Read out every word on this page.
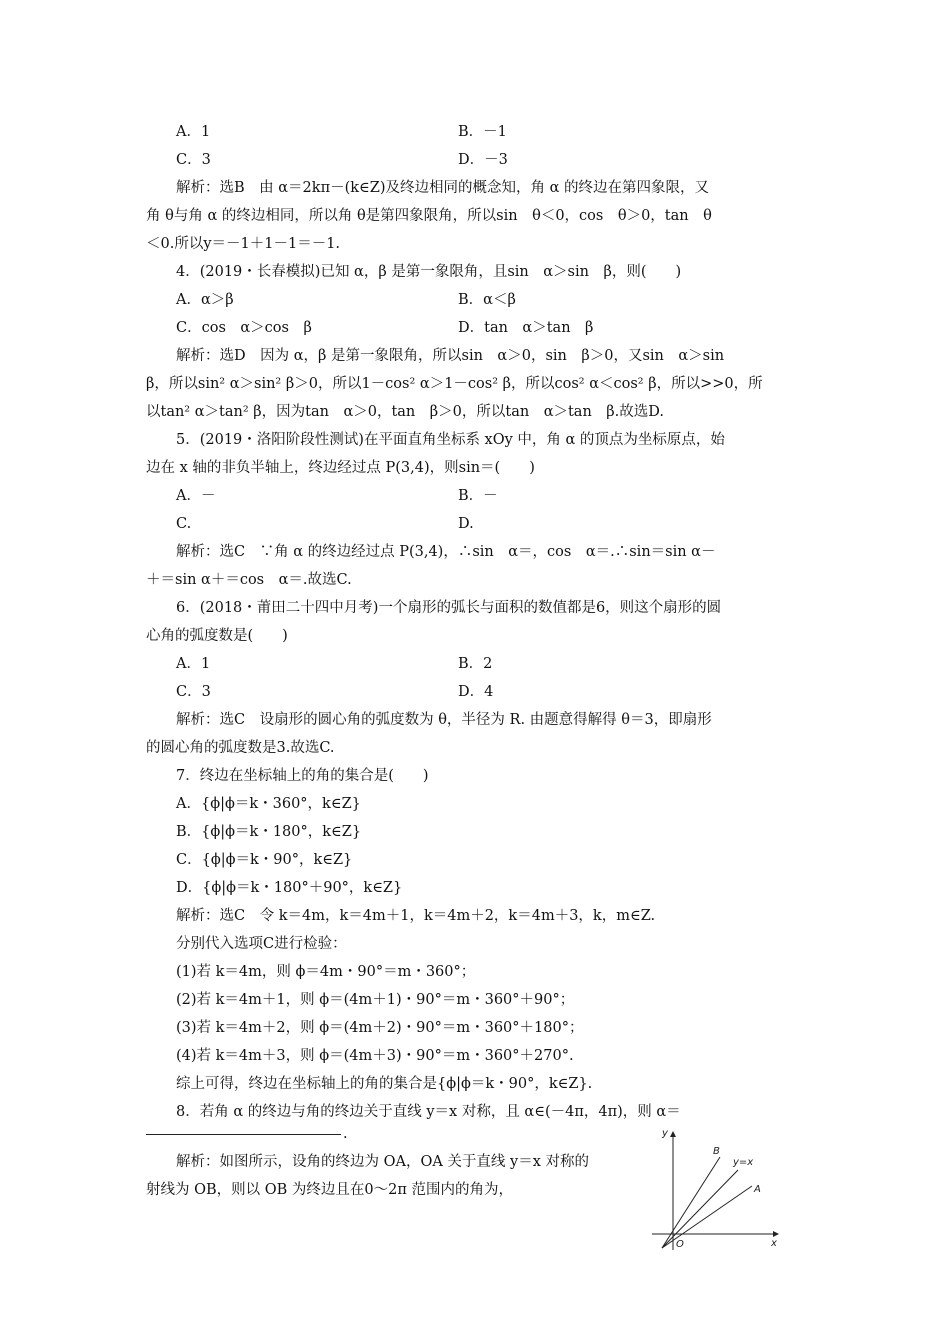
A．1	B．－1
C．3	D．－3
解析：选B　由 α＝2kπ－(k∈Z)及终边相同的概念知，角 α 的终边在第四象限，又
角 θ与角 α 的终边相同，所以角 θ是第四象限角，所以sin　θ＜0，cos　θ＞0，tan　θ
＜0.所以y＝－1＋1－1＝－1.
4．(2019・长春模拟)已知 α，β 是第一象限角，且sin　α＞sin　β，则(　　)
A．α＞β	B．α＜β
C．cos　α＞cos　β	D．tan　α＞tan　β
解析：选D　因为 α，β 是第一象限角，所以sin　α＞0，sin　β＞0，又sin　α＞sin
β，所以sin² α＞sin² β＞0，所以1－cos² α＞1－cos² β，所以cos² α＜cos² β，所以>>0，所
以tan² α＞tan² β，因为tan　α＞0，tan　β＞0，所以tan　α＞tan　β.故选D.
5．(2019・洛阳阶段性测试)在平面直角坐标系 xOy 中，角 α 的顶点为坐标原点，始
边在 x 轴的非负半轴上，终边经过点 P(3,4)，则sin＝(　　)
A．－	B．－
C.	D.
解析：选C　∵角 α 的终边经过点 P(3,4)，∴sin　α＝，cos　α＝.∴sin＝sin α－
＋＝sin α＋＝cos　α＝.故选C.
6．(2018・莆田二十四中月考)一个扇形的弧长与面积的数值都是6，则这个扇形的圆
心角的弧度数是(　　)
A．1	B．2
C．3	D．4
解析：选C　设扇形的圆心角的弧度数为 θ，半径为 R. 由题意得解得 θ＝3，即扇形
的圆心角的弧度数是3.故选C.
7．终边在坐标轴上的角的集合是(　　)
A．{ϕ|ϕ＝k・360°，k∈Z}
B．{ϕ|ϕ＝k・180°，k∈Z}
C．{ϕ|ϕ＝k・90°，k∈Z}
D．{ϕ|ϕ＝k・180°＋90°，k∈Z}
解析：选C　令 k＝4m，k＝4m＋1，k＝4m＋2，k＝4m＋3，k，m∈Z.
分别代入选项C进行检验：
(1)若 k＝4m，则 ϕ＝4m・90°＝m・360°；
(2)若 k＝4m＋1，则 ϕ＝(4m＋1)・90°＝m・360°＋90°；
(3)若 k＝4m＋2，则 ϕ＝(4m＋2)・90°＝m・360°＋180°；
(4)若 k＝4m＋3，则 ϕ＝(4m＋3)・90°＝m・360°＋270°.
综上可得，终边在坐标轴上的角的集合是{ϕ|ϕ＝k・90°，k∈Z}.
8．若角 α 的终边与角的终边关于直线 y＝x 对称，且 α∈(－4π，4π)，则 α＝
.
解析：如图所示，设角的终边为 OA，OA 关于直线 y＝x 对称的
射线为 OB，则以 OB 为终边且在0～2π 范围内的角为，
y
x
O
B
y=x
A
